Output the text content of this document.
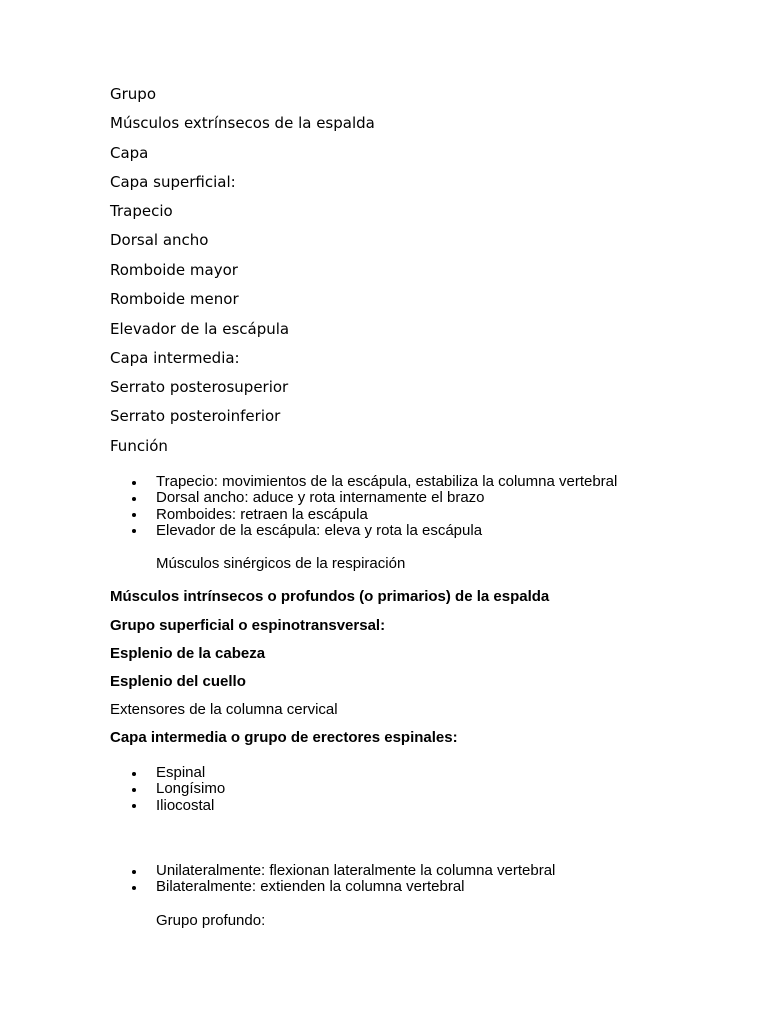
Grupo
Músculos extrínsecos de la espalda
Capa
Capa superficial:
Trapecio
Dorsal ancho
Romboide mayor
Romboide menor
Elevador de la escápula
Capa intermedia:
Serrato posterosuperior
Serrato posteroinferior
Función
Trapecio: movimientos de la escápula, estabiliza la columna vertebral
Dorsal ancho: aduce y rota internamente el brazo
Romboides: retraen la escápula
Elevador de la escápula: eleva y rota la escápula
Músculos sinérgicos de la respiración
Músculos intrínsecos o profundos (o primarios) de la espalda
Grupo superficial o espinotransversal:
Esplenio de la cabeza
Esplenio del cuello
Extensores de la columna cervical
Capa intermedia o grupo de erectores espinales:
Espinal
Longísimo
Iliocostal
Unilateralmente: flexionan lateralmente la columna vertebral
Bilateralmente: extienden la columna vertebral
Grupo profundo:
